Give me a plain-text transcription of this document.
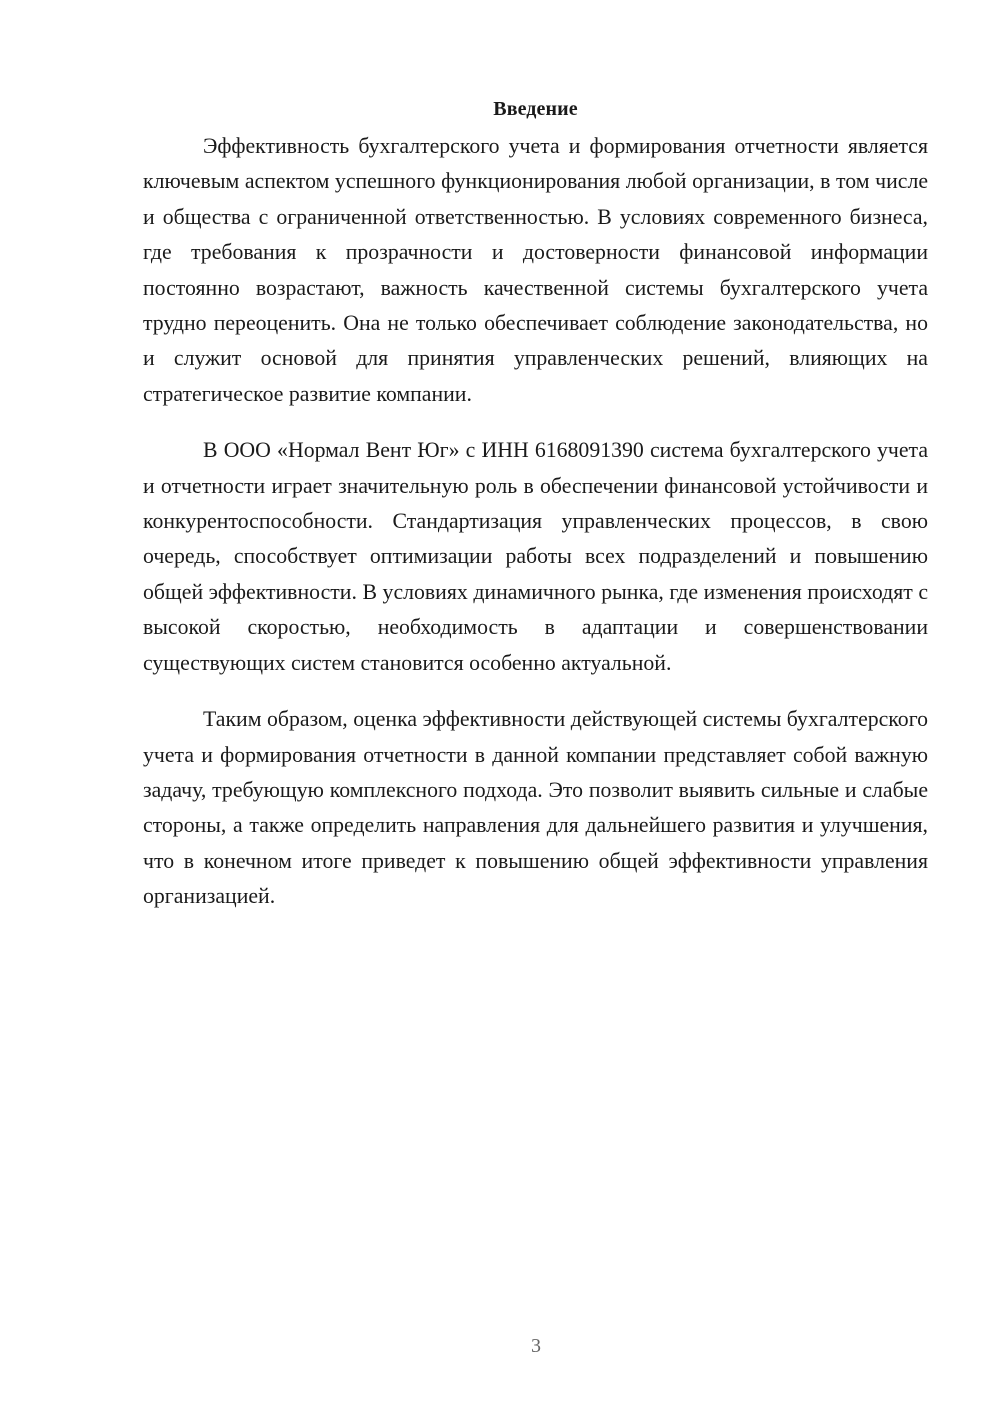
Введение

Эффективность бухгалтерского учета и формирования отчетности является ключевым аспектом успешного функционирования любой организации, в том числе и общества с ограниченной ответственностью. В условиях современного бизнеса, где требования к прозрачности и достоверности финансовой информации постоянно возрастают, важность качественной системы бухгалтерского учета трудно переоценить. Она не только обеспечивает соблюдение законодательства, но и служит основой для принятия управленческих решений, влияющих на стратегическое развитие компании.

В ООО «Нормал Вент Юг» с ИНН 6168091390 система бухгалтерского учета и отчетности играет значительную роль в обеспечении финансовой устойчивости и конкурентоспособности. Стандартизация управленческих процессов, в свою очередь, способствует оптимизации работы всех подразделений и повышению общей эффективности. В условиях динамичного рынка, где изменения происходят с высокой скоростью, необходимость в адаптации и совершенствовании существующих систем становится особенно актуальной.

Таким образом, оценка эффективности действующей системы бухгалтерского учета и формирования отчетности в данной компании представляет собой важную задачу, требующую комплексного подхода. Это позволит выявить сильные и слабые стороны, а также определить направления для дальнейшего развития и улучшения, что в конечном итоге приведет к повышению общей эффективности управления организацией.

3
